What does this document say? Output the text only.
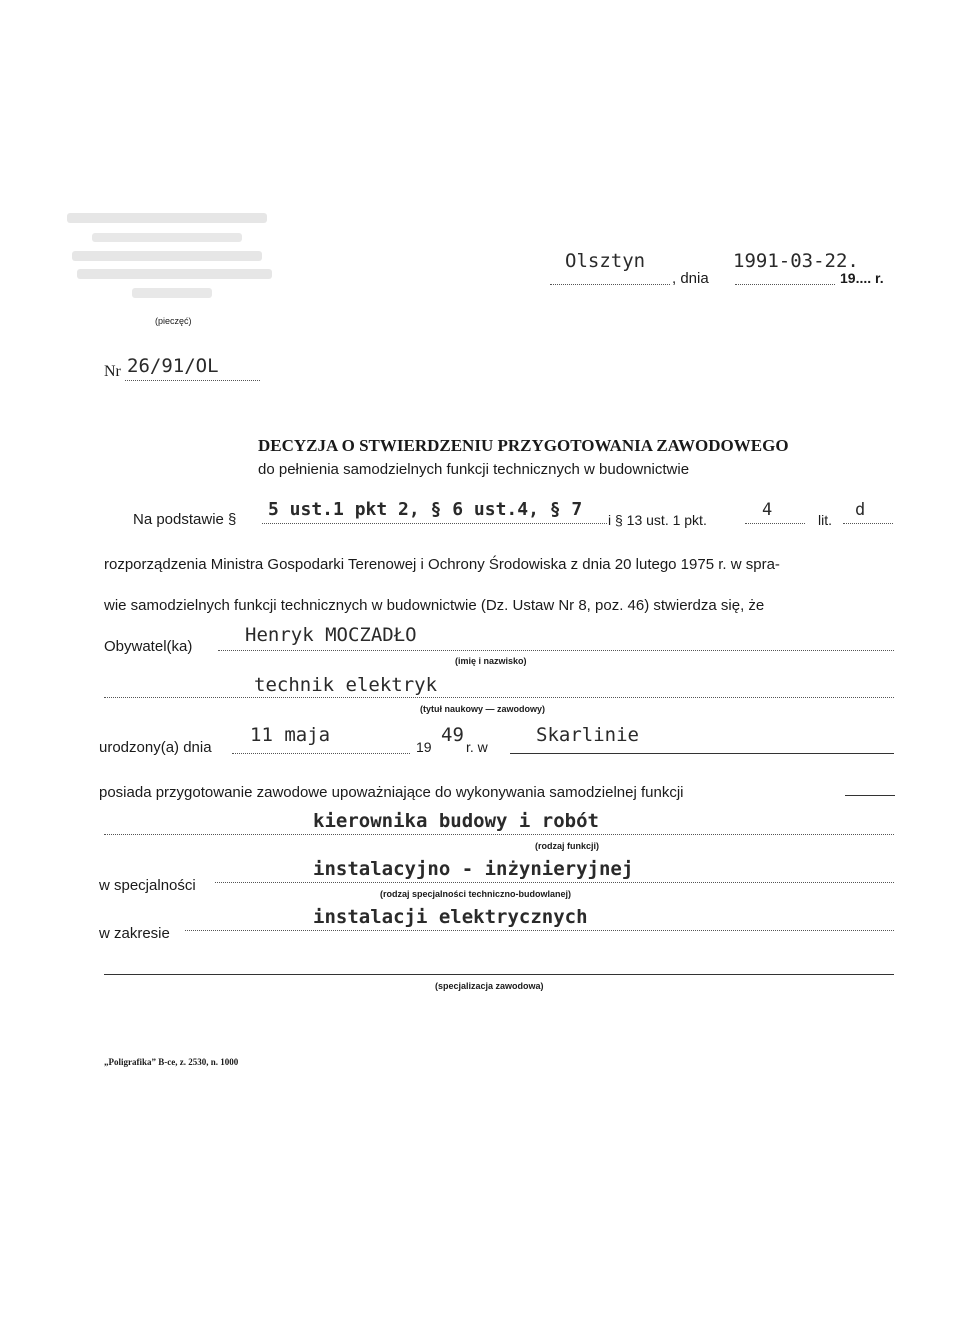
(pieczęć)
Olsztyn
, dnia
1991-03-22.
19.... r.
Nr 26/91/OL
DECYZJA O STWIERDZENIU PRZYGOTOWANIA ZAWODOWEGO
do pełnienia samodzielnych funkcji technicznych w budownictwie
Na podstawie § 5 ust.1 pkt 2, § 6 ust.4, § 7 i § 13 ust. 1 pkt.	4	lit. d
rozporządzenia Ministra Gospodarki Terenowej i Ochrony Środowiska z dnia 20 lutego 1975 r. w spra-
wie samodzielnych funkcji technicznych w budownictwie (Dz. Ustaw Nr 8, poz. 46) stwierdza się, że
Obywatel(ka)
Henryk MOCZADŁO
(imię i nazwisko)
technik elektryk
(tytuł naukowy — zawodowy)
urodzony(a) dnia
11 maja
19
49
r. w
Skarlinie
posiada przygotowanie zawodowe upoważniające do wykonywania samodzielnej funkcji
kierownika budowy i robót
(rodzaj funkcji)
w specjalności
instalacyjno - inżynieryjnej
(rodzaj specjalności techniczno-budowlanej)
w zakresie
instalacji elektrycznych
(specjalizacja zawodowa)
„Poligrafika” B-ce, z. 2530, n. 1000
